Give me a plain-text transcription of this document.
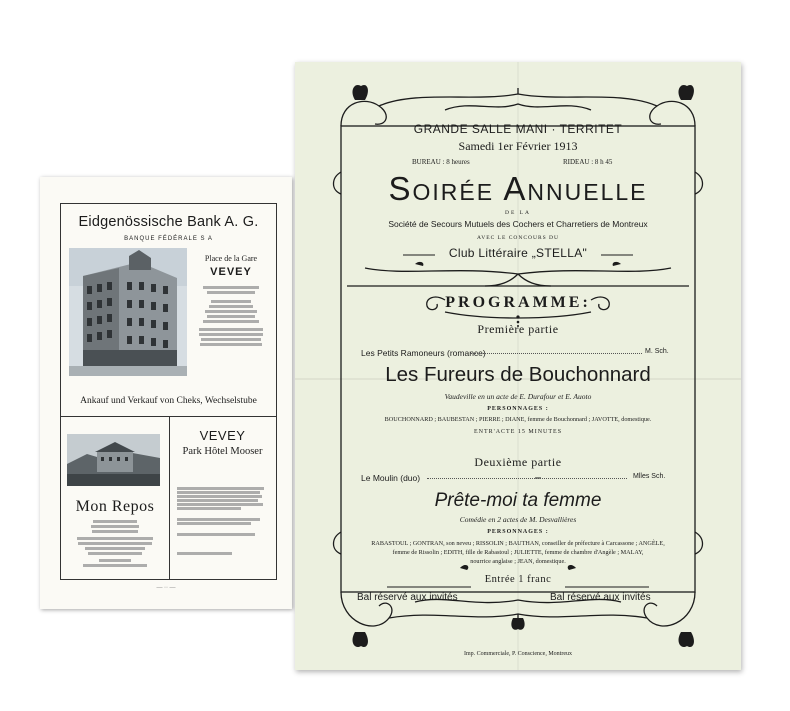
Eidgenössische Bank A. G.
BANQUE FÉDÉRALE S A
Place de la Gare
VEVEY
Ankauf und Verkauf von Cheks, Wechselstube
Mon Repos
VEVEY
Park Hôtel Mooser
— ·· —
GRANDE SALLE MANI · TERRITET
Samedi 1er Février 1913
BUREAU : 8 heures	RIDEAU : 8 h 45
Soirée Annuelle
DE LA
Société de Secours Mutuels des Cochers et Charretiers de Montreux
AVEC LE CONCOURS DU
Club Littéraire „STELLA"
PROGRAMME:
Première partie
Les Petits Ramoneurs (romance)	M. Sch.
Les Fureurs de Bouchonnard
Vaudeville en un acte de E. Durafour et E. Auoto
PERSONNAGES :
BOUCHONNARD ; BAUBESTAN ; PIERRE ; DIANE, femme de Bouchonnard ; JAVOTTE, domestique.
ENTR'ACTE 15 MINUTES
Deuxième partie
Le Moulin (duo)	Mlles Sch.
Prête-moi ta femme
Comédie en 2 actes de M. Desvallières
PERSONNAGES :
RABASTOUL ; GONTRAN, son neveu ; RISSOLIN ; BAUTHAN, conseiller de préfecture à Carcassone ; ANGÈLE,
femme de Rissolin ; EDITH, fille de Rabastoul ; JULIETTE, femme de chambre d'Angèle ; MALAY,
nourrice anglaise ; JEAN, domestique.
Entrée 1 franc
Bal réservé aux invités	Bal réservé aux invités
Imp. Commerciale, P. Conscience, Montreux
